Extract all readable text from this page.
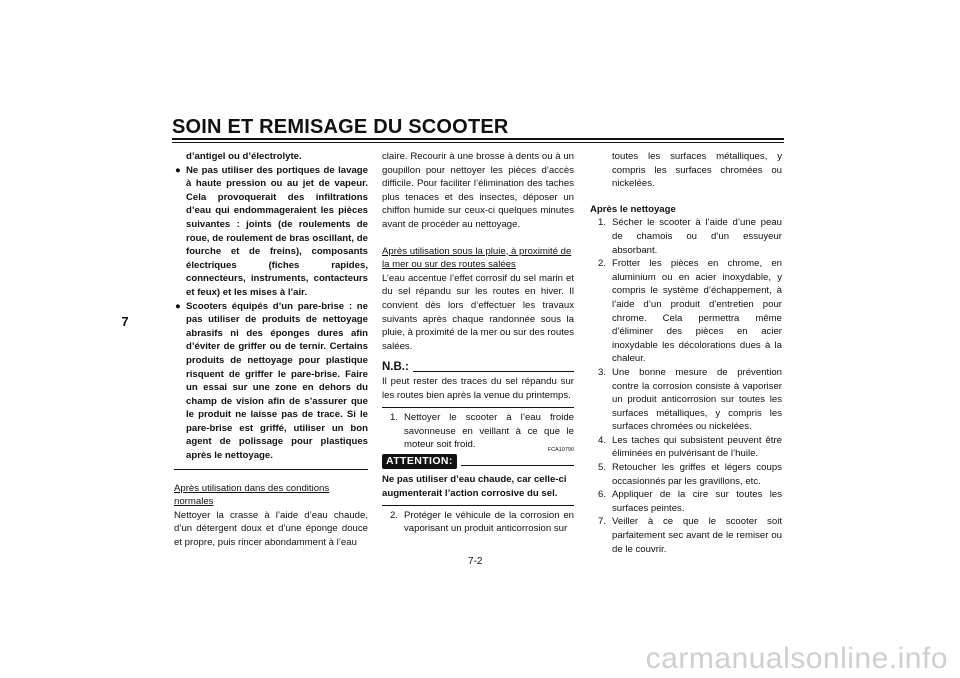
SOIN ET REMISAGE DU SCOOTER
7

d’antigel ou d’électrolyte.

● Ne pas utiliser des portiques de lavage à haute pression ou au jet de vapeur. Cela provoquerait des infiltrations d’eau qui endommageraient les pièces suivantes : joints (de roulements de roue, de roulement de bras oscillant, de fourche et de freins), composants électriques (fiches rapides, connecteurs, instruments, contacteurs et feux) et les mises à l’air.
● Scooters équipés d’un pare-brise : ne pas utiliser de produits de nettoyage abrasifs ni des éponges dures afin d’éviter de griffer ou de ternir. Certains produits de nettoyage pour plastique risquent de griffer le pare-brise. Faire un essai sur une zone en dehors du champ de vision afin de s’assurer que le produit ne laisse pas de trace. Si le pare-brise est griffé, utiliser un bon agent de polissage pour plastiques après le nettoyage.

Après utilisation dans des conditions normales

Nettoyer la crasse à l’aide d’eau chaude, d’un détergent doux et d’une éponge douce et propre, puis rincer abondamment à l’eau

claire. Recourir à une brosse à dents ou à un goupillon pour nettoyer les pièces d’accès difficile. Pour faciliter l’élimination des taches plus tenaces et des insectes, déposer un chiffon humide sur ceux-ci quelques minutes avant de procéder au nettoyage.

Après utilisation sous la pluie, à proximité de la mer ou sur des routes salées

L’eau accentue l’effet corrosif du sel marin et du sel répandu sur les routes en hiver. Il convient dès lors d’effectuer les travaux suivants après chaque randonnée sous la pluie, à proximité de la mer ou sur des routes salées.

N.B.:

Il peut rester des traces du sel répandu sur les routes bien après la venue du printemps.

1. Nettoyer le scooter à l’eau froide savonneuse en veillant à ce que le moteur soit froid.	FCA10790
ATTENTION:

Ne pas utiliser d’eau chaude, car celle-ci augmenterait l’action corrosive du sel.

2. Protéger le véhicule de la corrosion en vaporisant un produit anticorrosion sur

toutes les surfaces métalliques, y compris les surfaces chromées ou nickelées.

Après le nettoyage

1. Sécher le scooter à l’aide d’une peau de chamois ou d’un essuyeur absorbant.
2. Frotter les pièces en chrome, en aluminium ou en acier inoxydable, y compris le système d’échappement, à l’aide d’un produit d’entretien pour chrome. Cela permettra même d’éliminer des pièces en acier inoxydable les décolorations dues à la chaleur.
3. Une bonne mesure de prévention contre la corrosion consiste à vaporiser un produit anticorrosion sur toutes les surfaces métalliques, y compris les surfaces chromées ou nickelées.
4. Les taches qui subsistent peuvent être éliminées en pulvérisant de l’huile.
5. Retoucher les griffes et légers coups occasionnés par les gravillons, etc.
6. Appliquer de la cire sur toutes les surfaces peintes.
7. Veiller à ce que le scooter soit parfaitement sec avant de le remiser ou de le couvrir.
7-2
carmanualsonline.info
